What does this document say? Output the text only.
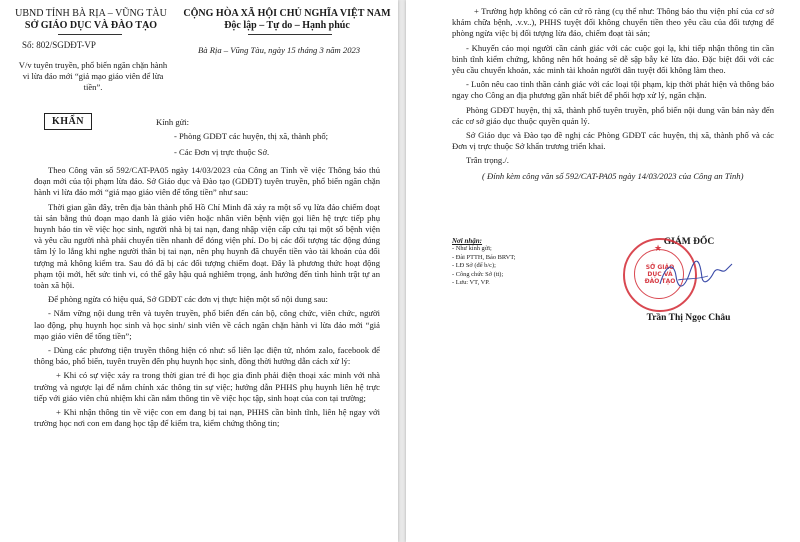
UBND TỈNH BÀ RỊA – VŨNG TÀU
SỞ GIÁO DỤC VÀ ĐÀO TẠO
Số: 802/SGDĐT-VP
CỘNG HÒA XÃ HỘI CHỦ NGHĨA VIỆT NAM
Độc lập – Tự do – Hạnh phúc
Bà Rịa – Vũng Tàu, ngày 15 tháng 3 năm 2023
V/v tuyên truyền, phổ biến ngăn chặn hành vi lừa đảo mới “giả mạo giáo viên để lừa tiền”.
KHẨN	Kính gửi:
- Phòng GDĐT các huyện, thị xã, thành phố;
- Các Đơn vị trực thuộc Sở.

Theo Công văn số 592/CAT-PA05 ngày 14/03/2023 của Công an Tỉnh về việc Thông báo thủ đoạn mới của tội phạm lừa đảo. Sở Giáo dục và Đào tạo (GDĐT) tuyên truyền, phổ biến ngăn chặn hành vi lừa đảo mới “giả mạo giáo viên để tống tiền” như sau:

Thời gian gần đây, trên địa bàn thành phố Hồ Chí Minh đã xảy ra một số vụ lừa đảo chiếm đoạt tài sản bằng thủ đoạn mạo danh là giáo viên hoặc nhân viên bệnh viện gọi liên hệ trực tiếp phụ huynh báo tin về việc học sinh, người nhà bị tai nạn, đang nhập viện cấp cứu tại một số bệnh viện và yêu cầu người nhà phải chuyển tiền nhanh để đóng viện phí. Do bị các đối tượng tác động đúng tâm lý lo lắng khi nghe người thân bị tai nạn, nên phụ huynh đã chuyển tiền vào tài khoản của đối tượng mà không kiểm tra. Sau đó đã bị các đối tượng chiếm đoạt. Đây là phương thức hoạt động phạm tội mới, hết sức tinh vi, có thể gây hậu quả nghiêm trọng, ảnh hưởng đến tình hình trật tự an toàn xã hội.

Để phòng ngừa có hiệu quả, Sở GDĐT các đơn vị thực hiện một số nội dung sau:

- Nắm vững nội dung trên và tuyên truyền, phổ biến đến cán bộ, công chức, viên chức, người lao động, phụ huynh học sinh và học sinh/ sinh viên về cách ngăn chặn hành vi lừa đảo mới “giả mạo giáo viên để tống tiền”;

- Dùng các phương tiện truyền thông hiện có như: sổ liên lạc điện tử, nhóm zalo, facebook để thông báo, phổ biến, tuyên truyền đến phụ huynh học sinh, đồng thời hướng dẫn cách xử lý:

+ Khi có sự việc xảy ra trong thời gian trẻ đi học gia đình phải điện thoại xác minh với nhà trường và ngược lại để nắm chính xác thông tin sự việc; hướng dẫn PHHS phụ huynh liên hệ trực tiếp với giáo viên chủ nhiệm khi cần nắm thông tin về việc học tập, sinh hoạt của con tại trường;

+ Khi nhận thông tin về việc con em đang bị tai nạn, PHHS cần bình tĩnh, liên hệ ngay với trường học nơi con em đang học tập để kiểm tra, kiểm chứng thông tin;

+ Trường hợp không có căn cứ rõ ràng (cụ thể như: Thông báo thu viện phí của cơ sở khám chữa bệnh, .v.v..), PHHS tuyệt đối không chuyển tiền theo yêu cầu của đối tượng để phòng ngừa việc bị đối tượng lừa đảo, chiếm đoạt tài sản;

- Khuyến cáo mọi người cần cảnh giác với các cuộc gọi lạ, khi tiếp nhận thông tin cần bình tĩnh kiểm chứng, không nên hốt hoảng sẽ dễ sập bẫy kẻ lừa đảo. Đặc biệt đối với các yêu cầu chuyển khoản, xác minh tài khoản người dân tuyệt đối không làm theo.

- Luôn nêu cao tinh thần cảnh giác với các loại tội phạm, kịp thời phát hiện và thông báo ngay cho Công an địa phương gần nhất biết để phối hợp xử lý, ngăn chặn.

Phòng GDĐT huyện, thị xã, thành phố tuyên truyền, phổ biến nội dung văn bản này đến các cơ sở giáo dục thuộc quyền quản lý.

Sở Giáo dục và Đào tạo đề nghị các Phòng GDĐT các huyện, thị xã, thành phố và các Đơn vị trực thuộc Sở khẩn trương triển khai.

Trân trọng./.

( Đính kèm công văn số 592/CAT-PA05 ngày 14/03/2023 của Công an Tỉnh)

Nơi nhận:
- Như kính gửi;
- Đài PTTH, Báo BRVT;
- LĐ Sở (để b/c);
- Công chức Sở (tt);
- Lưu: VT, VP.
GIÁM ĐỐC
★
SỞ GIÁO DỤC VÀ ĐÀO TẠO
Trần Thị Ngọc Châu
